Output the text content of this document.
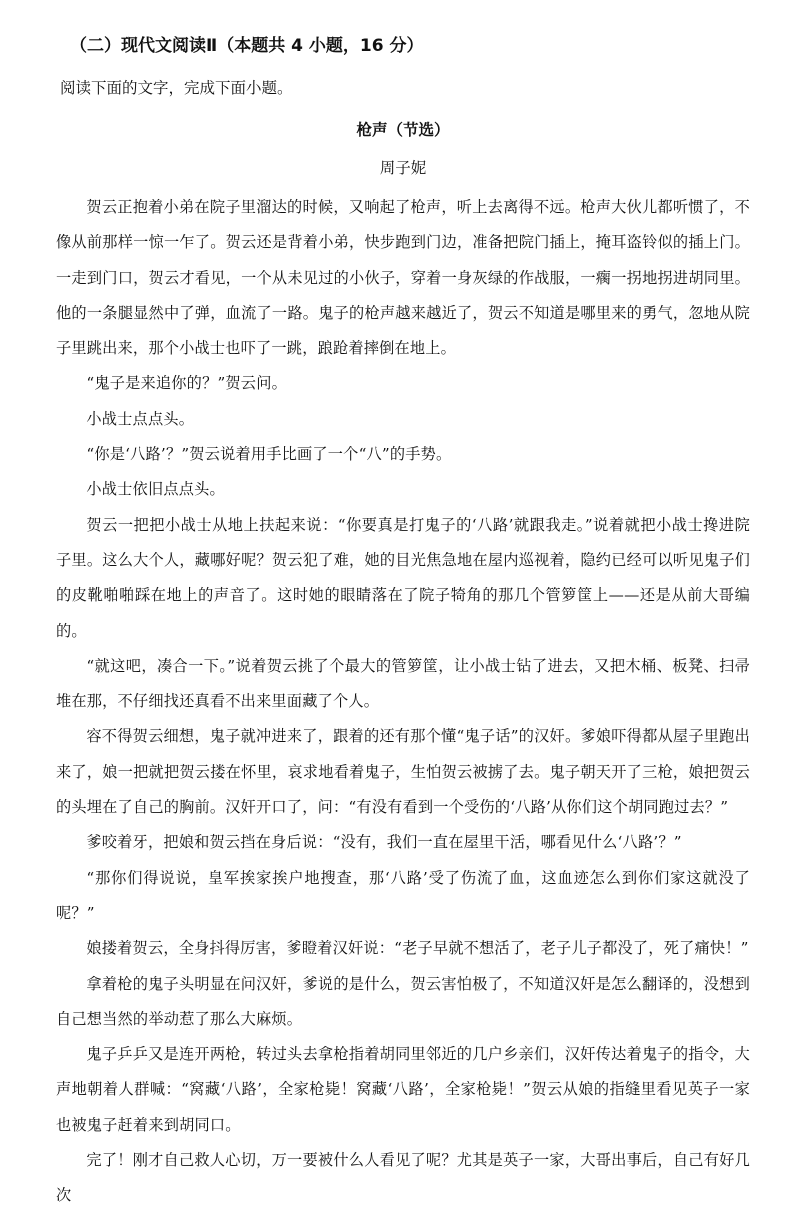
（二）现代文阅读Ⅱ（本题共 4 小题，16 分）
阅读下面的文字，完成下面小题。
枪声（节选）
周子妮

贺云正抱着小弟在院子里溜达的时候，又响起了枪声，听上去离得不远。枪声大伙儿都听惯了，不像从前那样一惊一乍了。贺云还是背着小弟，快步跑到门边，准备把院门插上，掩耳盗铃似的插上门。一走到门口，贺云才看见，一个从未见过的小伙子，穿着一身灰绿的作战服，一瘸一拐地拐进胡同里。他的一条腿显然中了弹，血流了一路。鬼子的枪声越来越近了，贺云不知道是哪里来的勇气，忽地从院子里跳出来，那个小战士也吓了一跳，踉跄着摔倒在地上。

“鬼子是来追你的？”贺云问。

小战士点点头。

“你是‘八路’？”贺云说着用手比画了一个“八”的手势。

小战士依旧点点头。

贺云一把把小战士从地上扶起来说：“你要真是打鬼子的‘八路’就跟我走。”说着就把小战士搀进院子里。这么大个人，藏哪好呢？贺云犯了难，她的目光焦急地在屋内巡视着，隐约已经可以听见鬼子们的皮靴啪啪踩在地上的声音了。这时她的眼睛落在了院子犄角的那几个管箩筐上——还是从前大哥编的。

“就这吧，凑合一下。”说着贺云挑了个最大的管箩筐，让小战士钻了进去，又把木桶、板凳、扫帚堆在那，不仔细找还真看不出来里面藏了个人。

容不得贺云细想，鬼子就冲进来了，跟着的还有那个懂“鬼子话”的汉奸。爹娘吓得都从屋子里跑出来了，娘一把就把贺云搂在怀里，哀求地看着鬼子，生怕贺云被掳了去。鬼子朝天开了三枪，娘把贺云的头埋在了自己的胸前。汉奸开口了，问：“有没有看到一个受伤的‘八路’从你们这个胡同跑过去？”

爹咬着牙，把娘和贺云挡在身后说：“没有，我们一直在屋里干活，哪看见什么‘八路’？”

“那你们得说说，皇军挨家挨户地搜查，那‘八路’受了伤流了血，这血迹怎么到你们家这就没了呢？”

娘搂着贺云，全身抖得厉害，爹瞪着汉奸说：“老子早就不想活了，老子儿子都没了，死了痛快！”

拿着枪的鬼子头明显在问汉奸，爹说的是什么，贺云害怕极了，不知道汉奸是怎么翻译的，没想到自己想当然的举动惹了那么大麻烦。

鬼子乒乒又是连开两枪，转过头去拿枪指着胡同里邻近的几户乡亲们，汉奸传达着鬼子的指令，大声地朝着人群喊：“窝藏‘八路’，全家枪毙！窝藏‘八路’，全家枪毙！”贺云从娘的指缝里看见英子一家也被鬼子赶着来到胡同口。

完了！刚才自己救人心切，万一要被什么人看见了呢？尤其是英子一家，大哥出事后，自己有好几次
